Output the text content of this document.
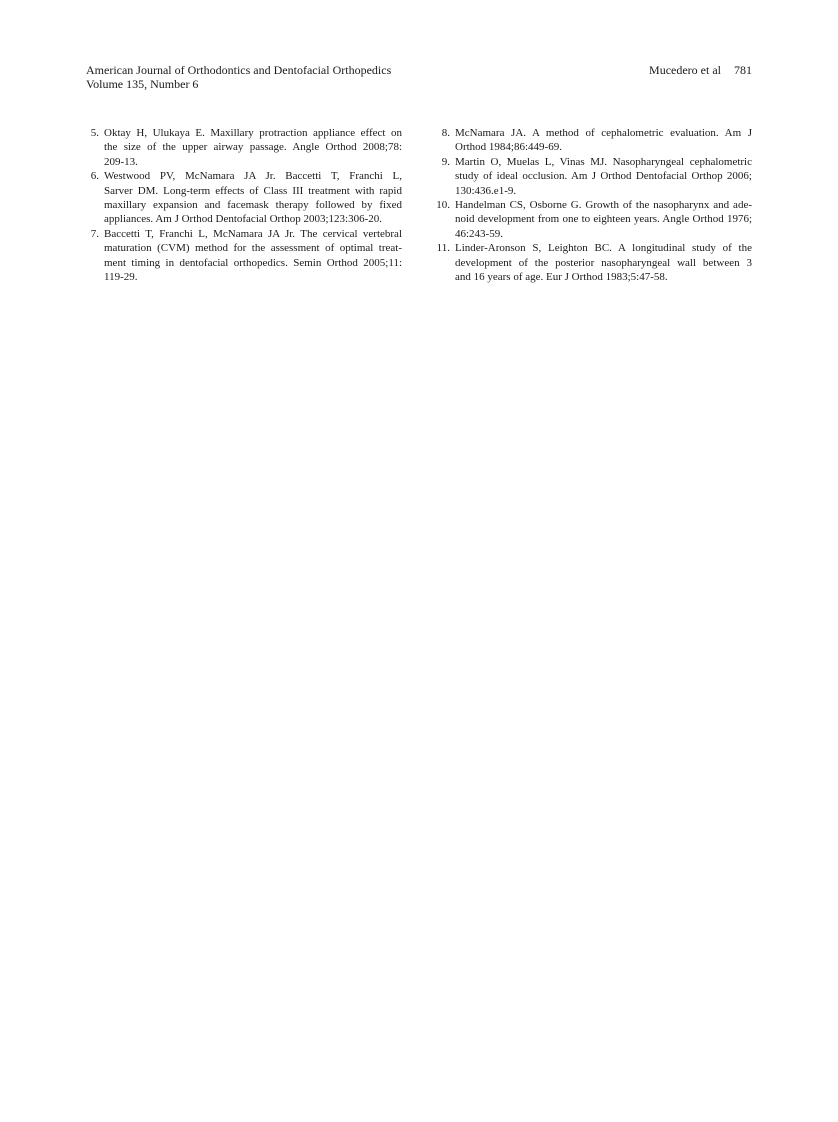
American Journal of Orthodontics and Dentofacial Orthopedics
Volume 135, Number 6
Mucedero et al 781
5. Oktay H, Ulukaya E. Maxillary protraction appliance effect on
the size of the upper airway passage. Angle Orthod 2008;78:
209-13.
6. Westwood PV, McNamara JA Jr. Baccetti T, Franchi L,
Sarver DM. Long-term effects of Class III treatment with rapid
maxillary expansion and facemask therapy followed by fixed
appliances. Am J Orthod Dentofacial Orthop 2003;123:306-20.
7. Baccetti T, Franchi L, McNamara JA Jr. The cervical vertebral
maturation (CVM) method for the assessment of optimal treat-
ment timing in dentofacial orthopedics. Semin Orthod 2005;11:
119-29.
8. McNamara JA. A method of cephalometric evaluation. Am J
Orthod 1984;86:449-69.
9. Martin O, Muelas L, Vinas MJ. Nasopharyngeal cephalometric
study of ideal occlusion. Am J Orthod Dentofacial Orthop 2006;
130:436.e1-9.
10. Handelman CS, Osborne G. Growth of the nasopharynx and ade-
noid development from one to eighteen years. Angle Orthod 1976;
46:243-59.
11. Linder-Aronson S, Leighton BC. A longitudinal study of the
development of the posterior nasopharyngeal wall between 3
and 16 years of age. Eur J Orthod 1983;5:47-58.
